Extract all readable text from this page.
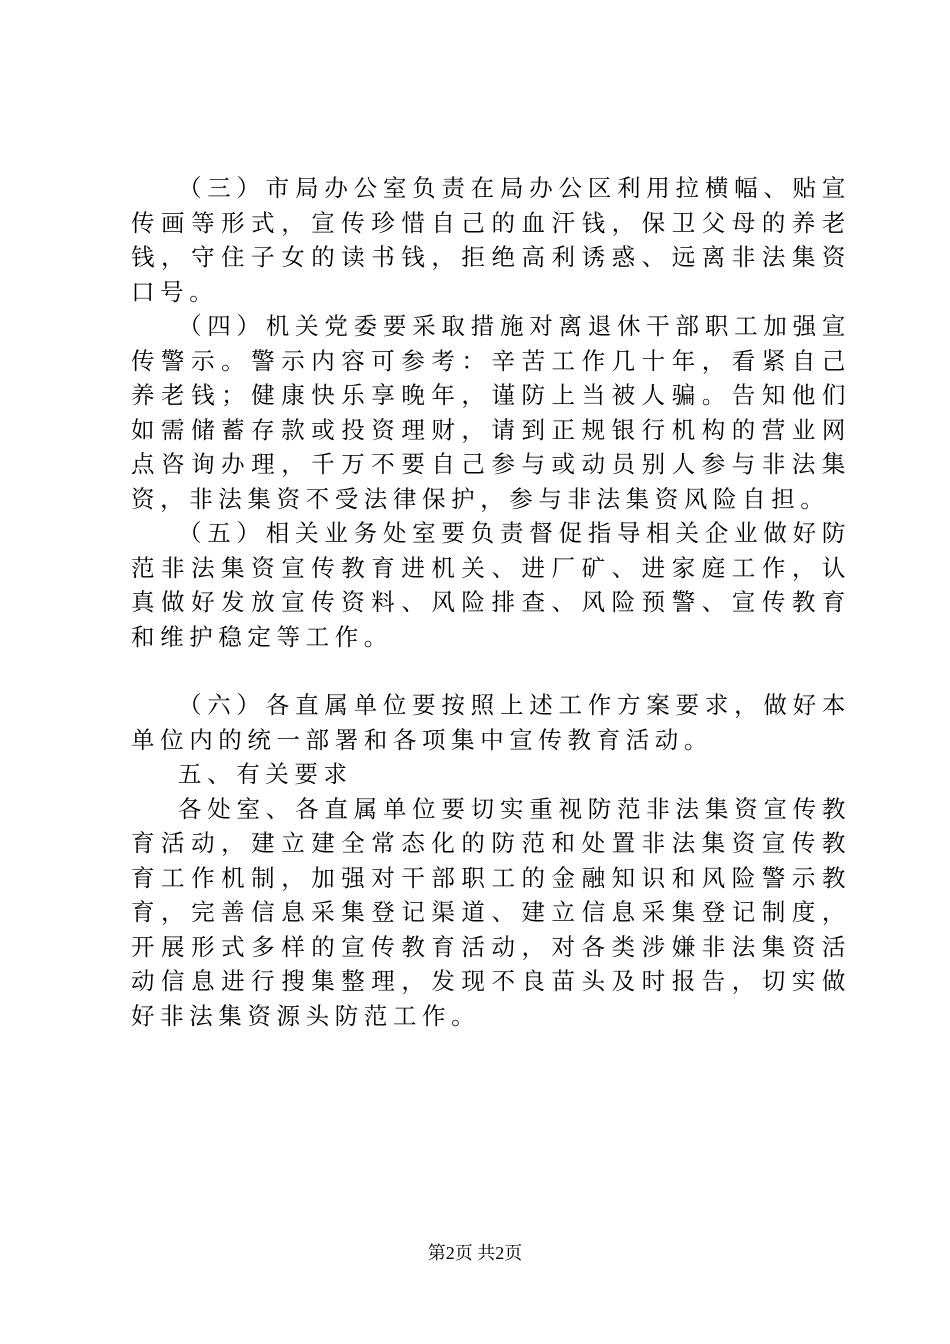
（三）市局办公室负责在局办公区利用拉横幅、贴宣传画等形式，宣传珍惜自己的血汗钱，保卫父母的养老钱，守住子女的读书钱，拒绝高利诱惑、远离非法集资口号。

（四）机关党委要采取措施对离退休干部职工加强宣传警示。警示内容可参考：辛苦工作几十年，看紧自己养老钱；健康快乐享晚年，谨防上当被人骗。告知他们如需储蓄存款或投资理财，请到正规银行机构的营业网点咨询办理，千万不要自己参与或动员别人参与非法集资，非法集资不受法律保护，参与非法集资风险自担。

（五）相关业务处室要负责督促指导相关企业做好防范非法集资宣传教育进机关、进厂矿、进家庭工作，认真做好发放宣传资料、风险排查、风险预警、宣传教育和维护稳定等工作。

（六）各直属单位要按照上述工作方案要求，做好本单位内的统一部署和各项集中宣传教育活动。

五、有关要求

各处室、各直属单位要切实重视防范非法集资宣传教育活动，建立建全常态化的防范和处置非法集资宣传教育工作机制，加强对干部职工的金融知识和风险警示教育，完善信息采集登记渠道、建立信息采集登记制度，开展形式多样的宣传教育活动，对各类涉嫌非法集资活动信息进行搜集整理，发现不良苗头及时报告，切实做好非法集资源头防范工作。

第2页 共2页
